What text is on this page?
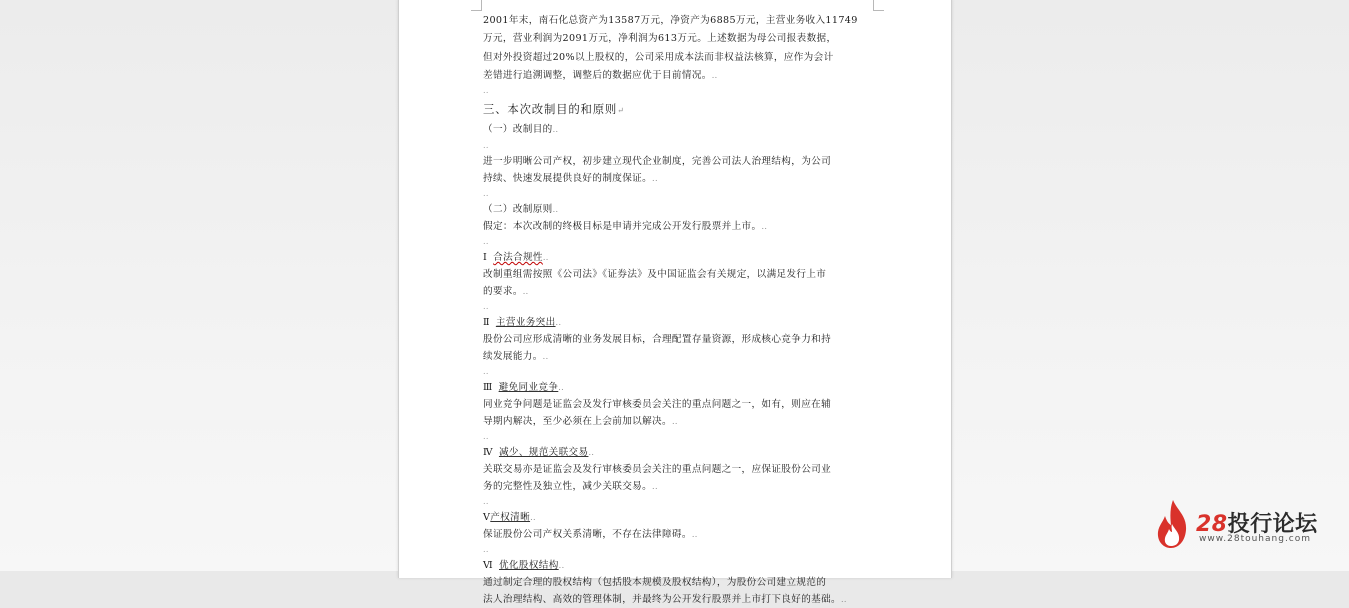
2001年末，南石化总资产为13587万元，净资产为6885万元，主营业务收入11749
万元，营业利润为2091万元，净利润为613万元。上述数据为母公司报表数据，
但对外投资超过20%以上股权的，公司采用成本法而非权益法核算，应作为会计
差错进行追溯调整，调整后的数据应优于目前情况。..
..
三、本次改制目的和原则↵
（一）改制目的..
..
进一步明晰公司产权，初步建立现代企业制度，完善公司法人治理结构，为公司
持续、快速发展提供良好的制度保证。..
..
（二）改制原则..
假定：本次改制的终极目标是申请并完成公开发行股票并上市。..
..
Ⅰ 合法合规性..
改制重组需按照《公司法》《证券法》及中国证监会有关规定，以满足发行上市
的要求。..
..
Ⅱ 主营业务突出..
股份公司应形成清晰的业务发展目标，合理配置存量资源，形成核心竞争力和持
续发展能力。..
..
Ⅲ 避免同业竞争..
同业竞争问题是证监会及发行审核委员会关注的重点问题之一，如有，则应在辅
导期内解决，至少必须在上会前加以解决。..
..
Ⅳ 减少、规范关联交易..
关联交易亦是证监会及发行审核委员会关注的重点问题之一，应保证股份公司业
务的完整性及独立性，减少关联交易。..
..
Ⅴ产权清晰..
保证股份公司产权关系清晰，不存在法律障碍。..
..
Ⅵ 优化股权结构..
通过制定合理的股权结构（包括股本规模及股权结构），为股份公司建立规范的
法人治理结构、高效的管理体制，并最终为公开发行股票并上市打下良好的基础。..
28投行论坛
www.28touhang.com
